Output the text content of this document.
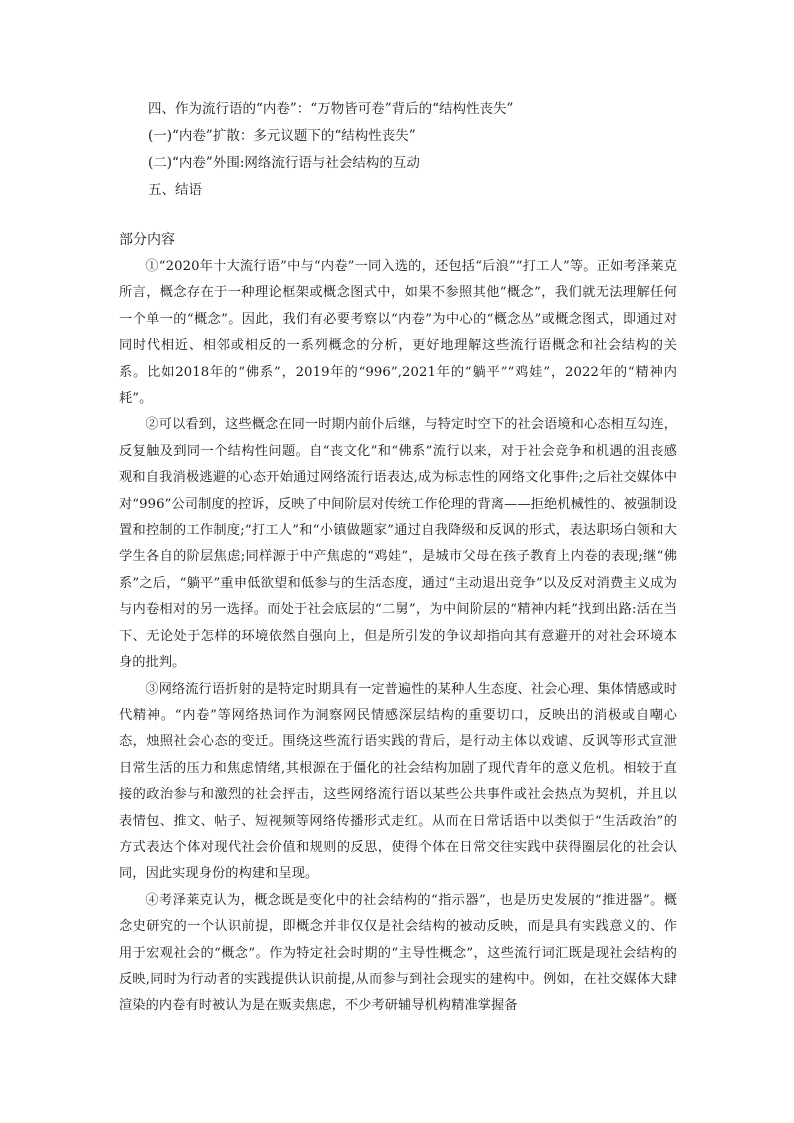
四、作为流行语的“内卷”：“万物皆可卷”背后的“结构性丧失”
(一)“内卷”扩散：多元议题下的“结构性丧失”
(二)“内卷”外围:网络流行语与社会结构的互动
五、结语
部分内容

①“2020年十大流行语”中与“内卷”一同入选的，还包括“后浪”“打工人”等。正如考泽莱克所言，概念存在于一种理论框架或概念图式中，如果不参照其他“概念”，我们就无法理解任何一个单一的“概念”。因此，我们有必要考察以“内卷”为中心的“概念丛”或概念图式，即通过对同时代相近、相邻或相反的一系列概念的分析，更好地理解这些流行语概念和社会结构的关系。比如2018年的“佛系”，2019年的“996”,2021年的“躺平”“鸡娃”，2022年的“精神内耗”。

②可以看到，这些概念在同一时期内前仆后继，与特定时空下的社会语境和心态相互勾连，反复触及到同一个结构性问题。自“丧文化”和“佛系”流行以来，对于社会竞争和机遇的沮丧感观和自我消极逃避的心态开始通过网络流行语表达,成为标志性的网络文化事件;之后社交媒体中对“996”公司制度的控诉，反映了中间阶层对传统工作伦理的背离——拒绝机械性的、被强制设置和控制的工作制度;“打工人”和“小镇做题家”通过自我降级和反讽的形式，表达职场白领和大学生各自的阶层焦虑;同样源于中产焦虑的“鸡娃”，是城市父母在孩子教育上内卷的表现;继“佛系”之后，“躺平”重申低欲望和低参与的生活态度，通过“主动退出竞争”以及反对消费主义成为与内卷相对的另一选择。而处于社会底层的“二舅”，为中间阶层的“精神内耗”找到出路:活在当下、无论处于怎样的环境依然自强向上，但是所引发的争议却指向其有意避开的对社会环境本身的批判。

③网络流行语折射的是特定时期具有一定普遍性的某种人生态度、社会心理、集体情感或时代精神。“内卷”等网络热词作为洞察网民情感深层结构的重要切口，反映出的消极或自嘲心态，烛照社会心态的变迁。围绕这些流行语实践的背后，是行动主体以戏谑、反讽等形式宣泄日常生活的压力和焦虑情绪,其根源在于僵化的社会结构加剧了现代青年的意义危机。相较于直接的政治参与和激烈的社会抨击，这些网络流行语以某些公共事件或社会热点为契机，并且以表情包、推文、帖子、短视频等网络传播形式走红。从而在日常话语中以类似于“生活政治”的方式表达个体对现代社会价值和规则的反思，使得个体在日常交往实践中获得圈层化的社会认同，因此实现身份的构建和呈现。

④考泽莱克认为，概念既是变化中的社会结构的“指示器”，也是历史发展的“推进器”。概念史研究的一个认识前提，即概念并非仅仅是社会结构的被动反映，而是具有实践意义的、作用于宏观社会的“概念”。作为特定社会时期的“主导性概念”，这些流行词汇既是现社会结构的反映,同时为行动者的实践提供认识前提,从而参与到社会现实的建构中。例如，在社交媒体大肆渲染的内卷有时被认为是在贩卖焦虑，不少考研辅导机构精准掌握备
